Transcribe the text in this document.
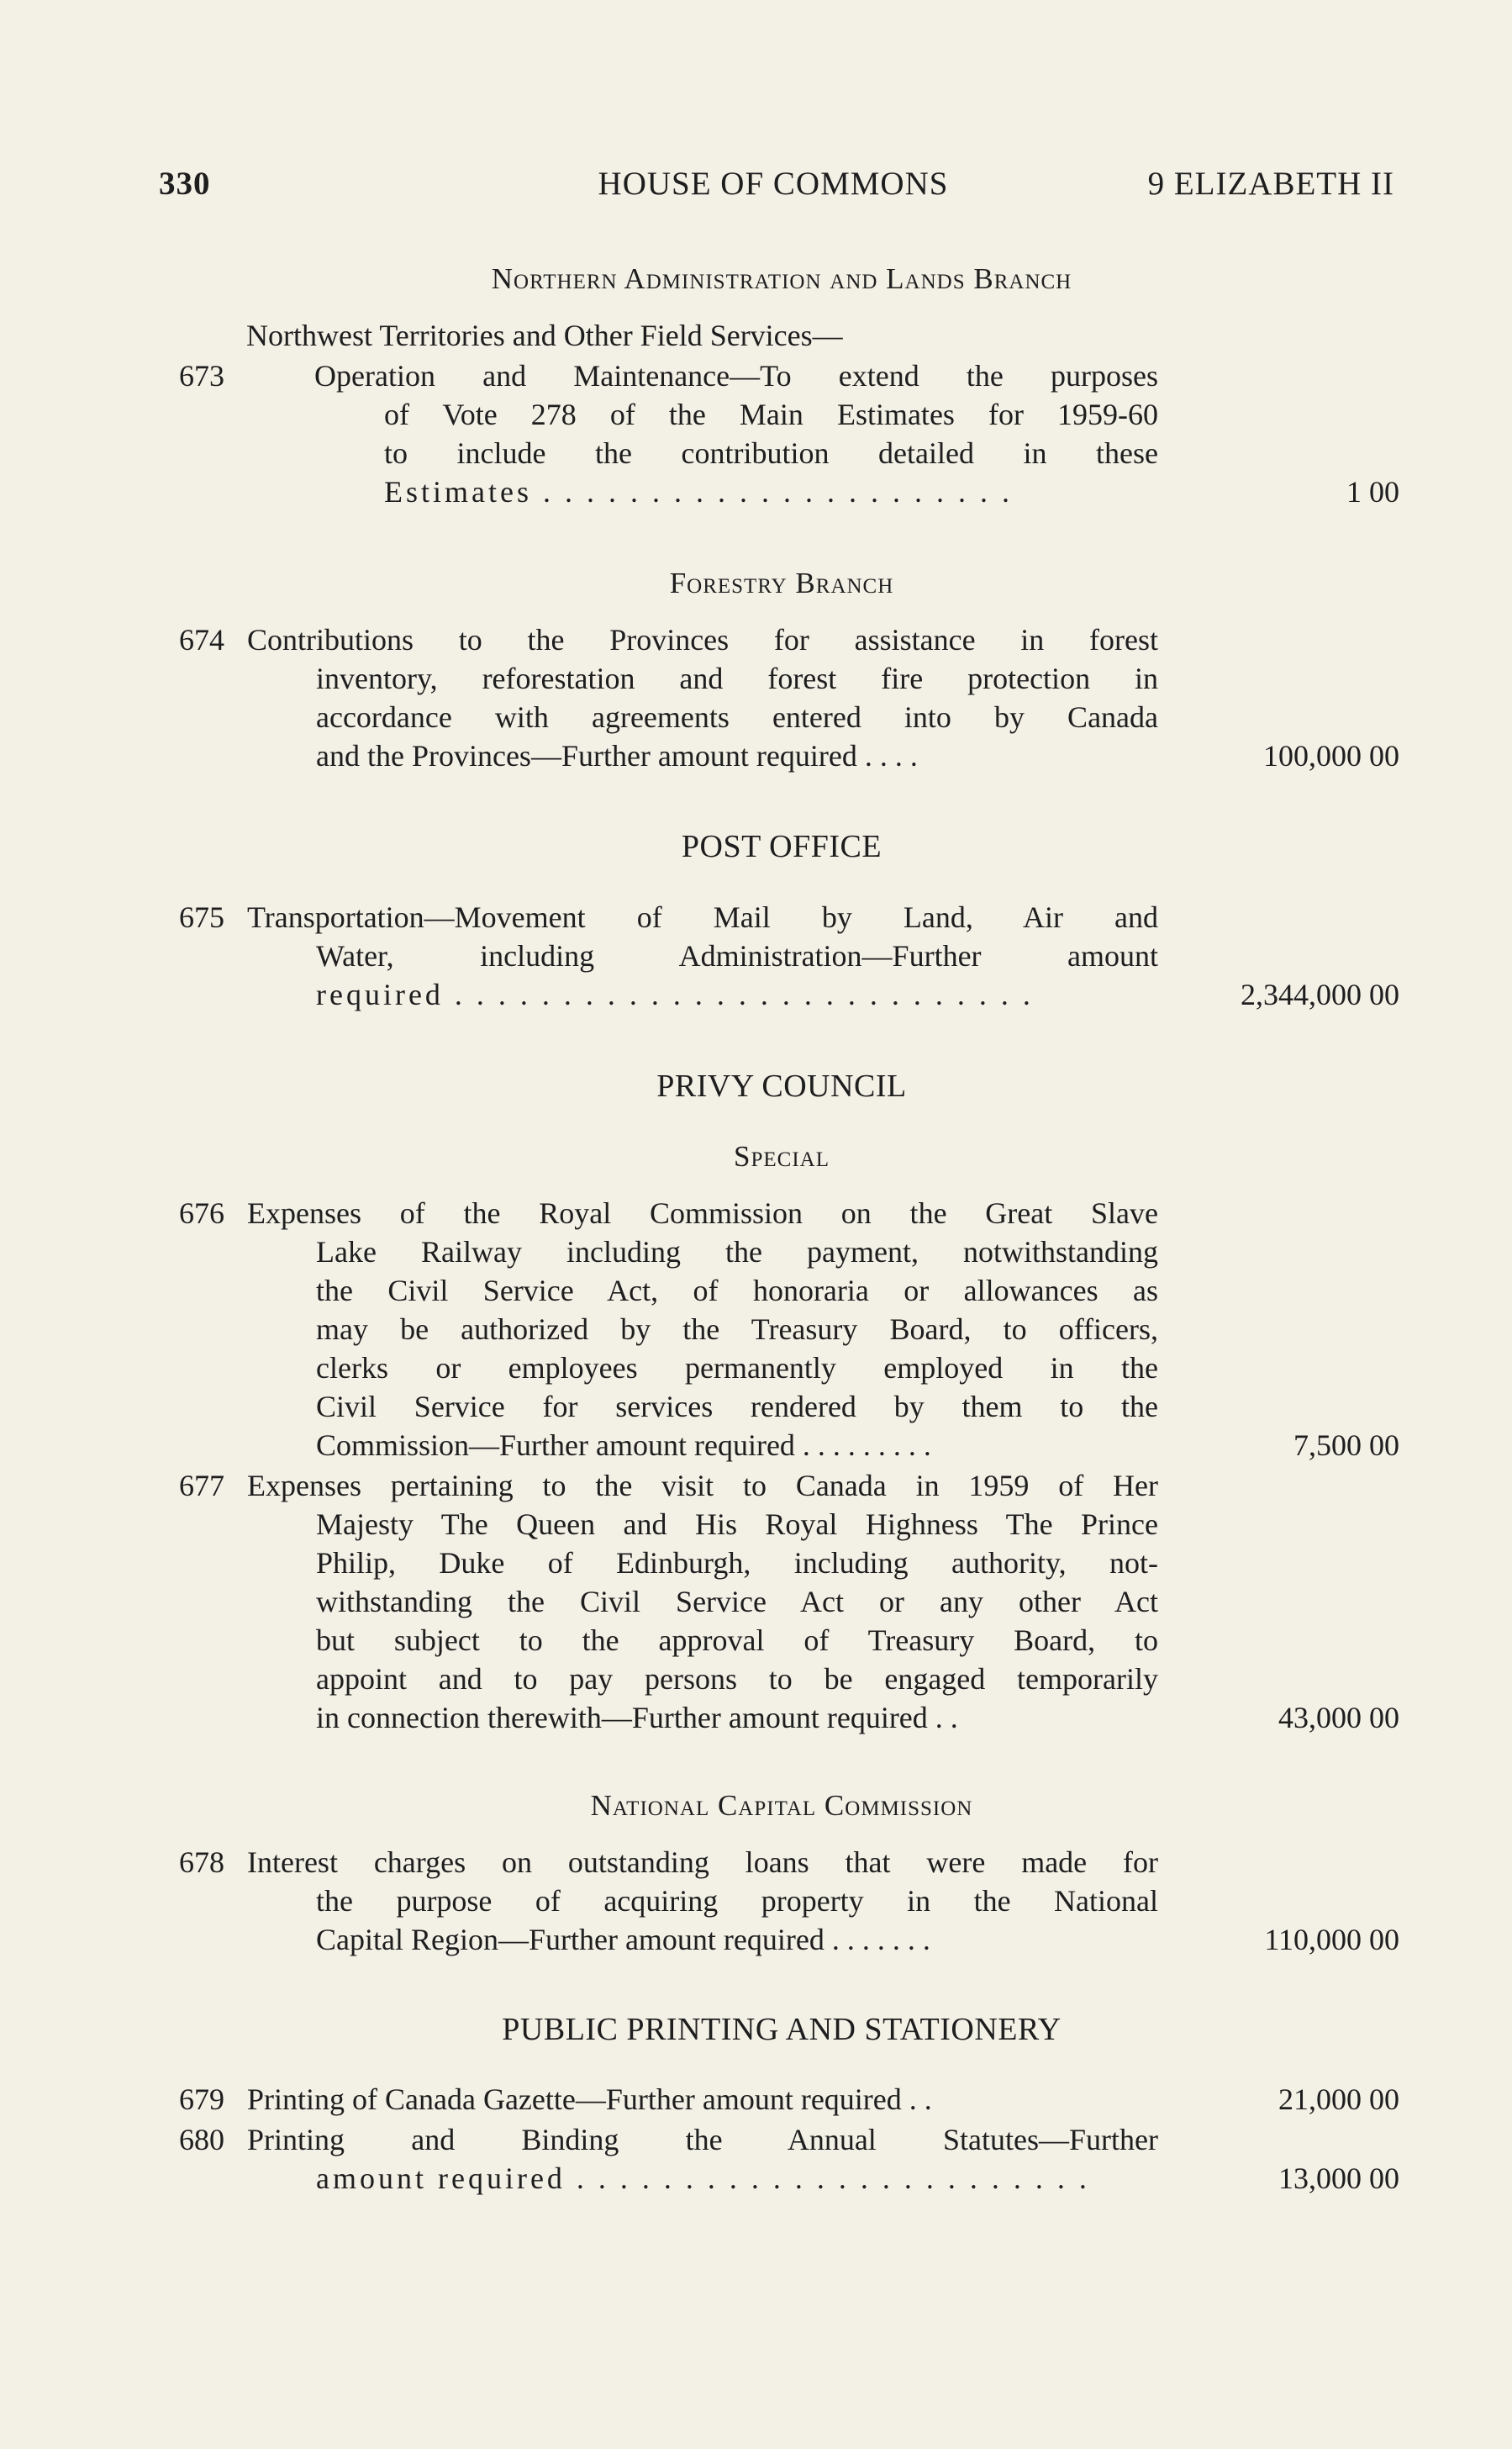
330	HOUSE OF COMMONS	9 ELIZABETH II
Northern Administration and Lands Branch
Northwest Territories and Other Field Services—
673	Operation and Maintenance—To extend the purposes
of Vote 278 of the Main Estimates for 1959-60
to include the contribution detailed in these
Estimates . . . . . . . . . . . . . . . . . . . . . .	1 00
Forestry Branch
674 Contributions to the Provinces for assistance in forest
inventory, reforestation and forest fire protection in
accordance with agreements entered into by Canada
and the Provinces—Further amount required . . . .	100,000 00
POST OFFICE
675 Transportation—Movement of Mail by Land, Air and
Water, including Administration—Further amount
required . . . . . . . . . . . . . . . . . . . . . . . . . . .	2,344,000 00
PRIVY COUNCIL
Special
676 Expenses of the Royal Commission on the Great Slave
Lake Railway including the payment, notwithstanding
the Civil Service Act, of honoraria or allowances as
may be authorized by the Treasury Board, to officers,
clerks or employees permanently employed in the
Civil Service for services rendered by them to the
Commission—Further amount required . . . . . . . . .	7,500 00
677 Expenses pertaining to the visit to Canada in 1959 of Her
Majesty The Queen and His Royal Highness The Prince
Philip, Duke of Edinburgh, including authority, not-
withstanding the Civil Service Act or any other Act
but subject to the approval of Treasury Board, to
appoint and to pay persons to be engaged temporarily
in connection therewith—Further amount required . .	43,000 00
National Capital Commission
678 Interest charges on outstanding loans that were made for
the purpose of acquiring property in the National
Capital Region—Further amount required . . . . . . .	110,000 00
PUBLIC PRINTING AND STATIONERY
679 Printing of Canada Gazette—Further amount required . .	21,000 00
680 Printing and Binding the Annual Statutes—Further
amount required . . . . . . . . . . . . . . . . . . . . . . . .	13,000 00
